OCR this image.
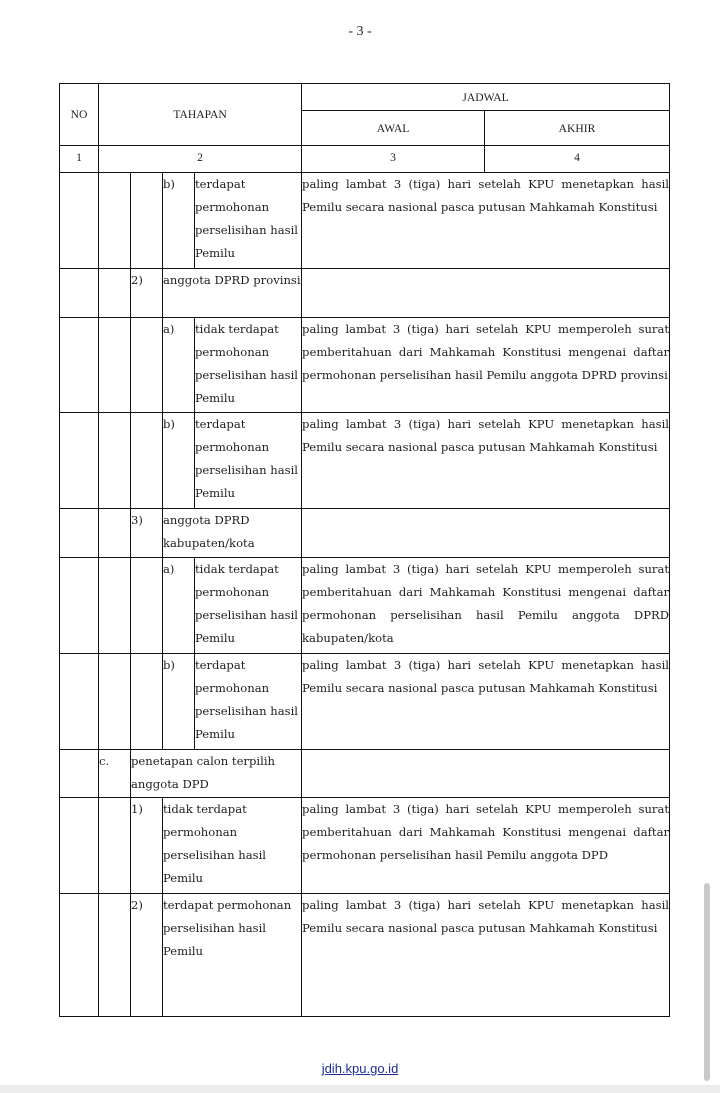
- 3 -
NO	TAHAPAN				JADWAL	
					AWAL	AKHIR
1	2				3	4
			b)	terdapat permohonan perselisihan hasil Pemilu	paling lambat 3 (tiga) hari setelah KPU menetapkan hasil Pemilu secara nasional pasca putusan Mahkamah Konstitusi	
		2)	anggota DPRD provinsi			
			a)	tidak terdapat permohonan perselisihan hasil Pemilu	paling lambat 3 (tiga) hari setelah KPU memperoleh surat pemberitahuan dari Mahkamah Konstitusi mengenai daftar permohonan perselisihan hasil Pemilu anggota DPRD provinsi	
			b)	terdapat permohonan perselisihan hasil Pemilu	paling lambat 3 (tiga) hari setelah KPU menetapkan hasil Pemilu secara nasional pasca putusan Mahkamah Konstitusi	
		3)	anggota DPRD kabupaten/kota			
			a)	tidak terdapat permohonan perselisihan hasil Pemilu	paling lambat 3 (tiga) hari setelah KPU memperoleh surat pemberitahuan dari Mahkamah Konstitusi mengenai daftar permohonan perselisihan hasil Pemilu anggota DPRD kabupaten/kota	
			b)	terdapat permohonan perselisihan hasil Pemilu	paling lambat 3 (tiga) hari setelah KPU menetapkan hasil Pemilu secara nasional pasca putusan Mahkamah Konstitusi	
	c.	penetapan calon terpilih anggota DPD				
		1)	tidak terdapat permohonan perselisihan hasil Pemilu		paling lambat 3 (tiga) hari setelah KPU memperoleh surat pemberitahuan dari Mahkamah Konstitusi mengenai daftar permohonan perselisihan hasil Pemilu anggota DPD	
		2)	terdapat permohonan perselisihan hasil Pemilu		paling lambat 3 (tiga) hari setelah KPU menetapkan hasil Pemilu secara nasional pasca putusan Mahkamah Konstitusi	
jdih.kpu.go.id
